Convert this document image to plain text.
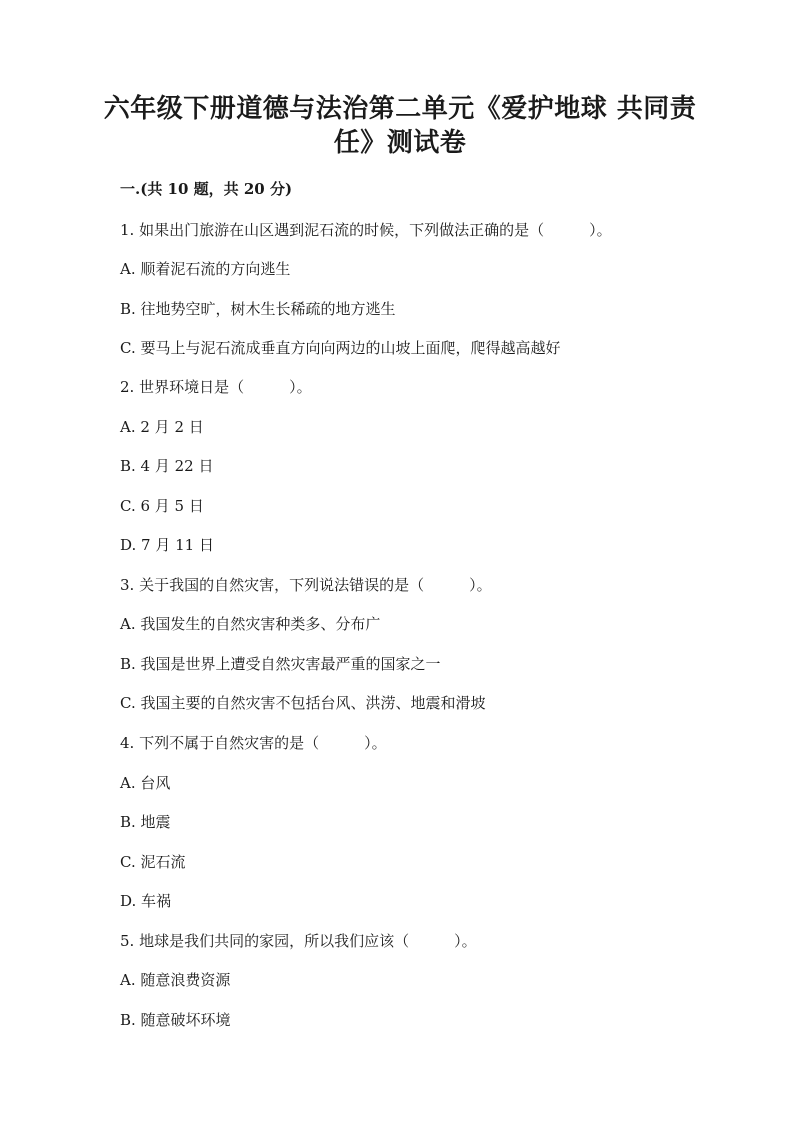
六年级下册道德与法治第二单元《爱护地球 共同责
任》测试卷
一.(共 10 题，共 20 分)
1. 如果出门旅游在山区遇到泥石流的时候，下列做法正确的是（　　　）。
A. 顺着泥石流的方向逃生
B. 往地势空旷，树木生长稀疏的地方逃生
C. 要马上与泥石流成垂直方向向两边的山坡上面爬，爬得越高越好
2. 世界环境日是（　　　）。
A. 2 月 2 日
B. 4 月 22 日
C. 6 月 5 日
D. 7 月 11 日
3. 关于我国的自然灾害，下列说法错误的是（　　　）。
A. 我国发生的自然灾害种类多、分布广
B. 我国是世界上遭受自然灾害最严重的国家之一
C. 我国主要的自然灾害不包括台风、洪涝、地震和滑坡
4. 下列不属于自然灾害的是（　　　）。
A. 台风
B. 地震
C. 泥石流
D. 车祸
5. 地球是我们共同的家园，所以我们应该（　　　）。
A. 随意浪费资源
B. 随意破坏环境
